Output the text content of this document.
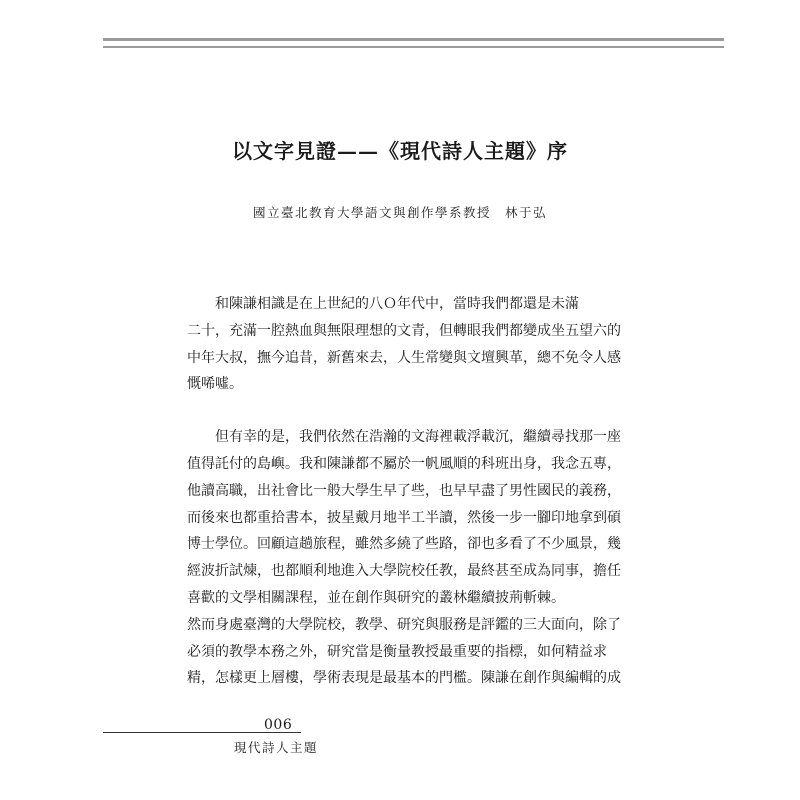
以文字見證——《現代詩人主題》序
國立臺北教育大學語文與創作學系教授　林于弘

和陳謙相識是在上世紀的八Ｏ年代中，當時我們都還是未滿
二十，充滿一腔熱血與無限理想的文青，但轉眼我們都變成坐五望六的
中年大叔，撫今追昔，新舊來去，人生常變與文壇興革，總不免令人感
慨唏噓。

但有幸的是，我們依然在浩瀚的文海裡載浮載沉，繼續尋找那一座
值得託付的島嶼。我和陳謙都不屬於一帆風順的科班出身，我念五專，
他讀高職，出社會比一般大學生早了些，也早早盡了男性國民的義務，
而後來也都重拾書本，披星戴月地半工半讀，然後一步一腳印地拿到碩
博士學位。回顧這趟旅程，雖然多繞了些路，卻也多看了不少風景，幾
經波折試煉，也都順利地進入大學院校任教，最終甚至成為同事，擔任
喜歡的文學相關課程，並在創作與研究的叢林繼續披荊斬棘。

然而身處臺灣的大學院校，教學、研究與服務是評鑑的三大面向，除了
必須的教學本務之外，研究當是衡量教授最重要的指標，如何精益求
精，怎樣更上層樓，學術表現是最基本的門檻。陳謙在創作與編輯的成

006
現代詩人主題
